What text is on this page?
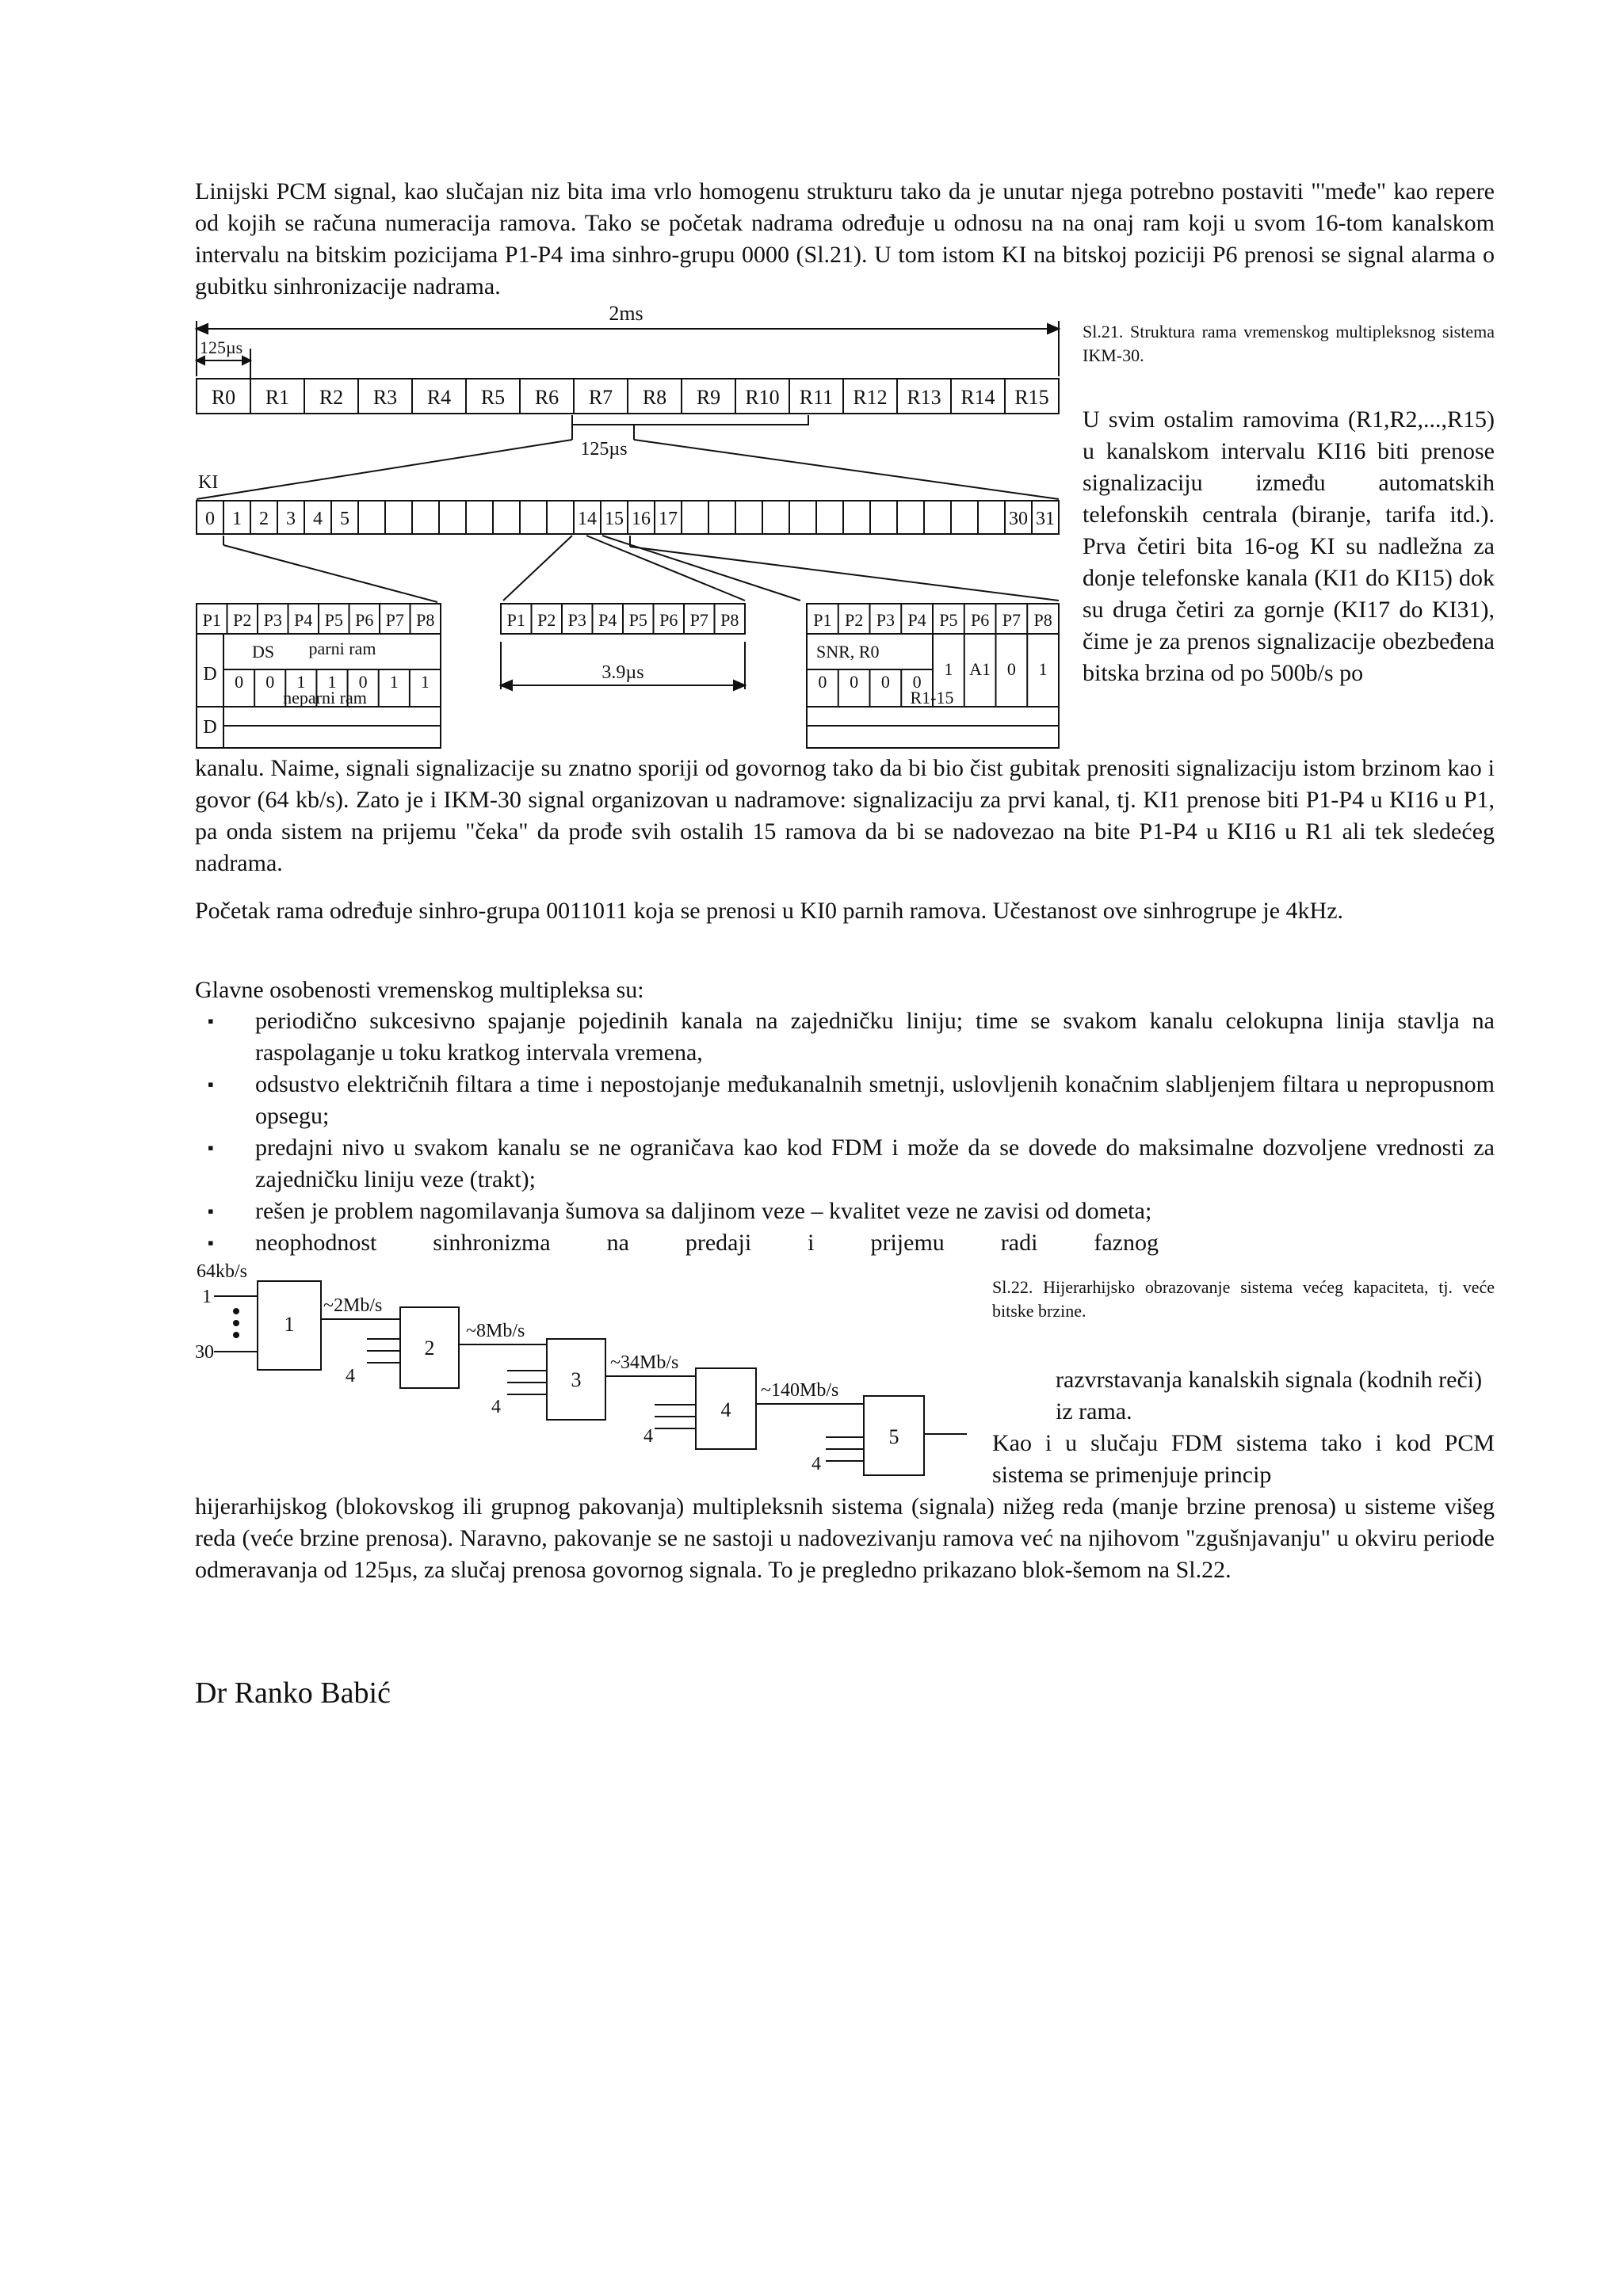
Linijski PCM signal, kao slučajan niz bita ima vrlo homogenu strukturu tako da je unutar njega potrebno postaviti "'međe" kao repere od kojih se računa numeracija ramova. Tako se početak nadrama određuje u odnosu na na onaj ram koji u svom 16-tom kanalskom intervalu na bitskim pozicijama P1-P4 ima sinhro-grupu 0000 (Sl.21). U tom istom KI na bitskoj poziciji P6 prenosi se signal alarma o gubitku sinhronizacije nadrama.

2ms
125µs
R0 R1 R2 R3 R4 R5 R6 R7 R8 R9 R10 R11 R12 R13 R14 R15
125µs
KI
0 1 2 3 4 5	14 15 16 17	30 31
P1 P2 P3 P4 P5 P6 P7 P8	P1 P2 P3 P4 P5 P6 P7 P8	P1 P2 P3 P4 P5 P6 P7 P8
D
DS parni ram
0 0 1 1 0 1 1
neparni ram
D
3.9µs
SNR, R0
0 0 0 0
1 A1 0 1
R1-15

Sl.21. Struktura rama vremenskog multipleksnog sistema IKM-30.

U svim ostalim ramovima (R1,R2,...,R15) u kanalskom intervalu KI16 biti prenose signalizaciju između automatskih telefonskih centrala (biranje, tarifa itd.). Prva četiri bita 16-og KI su nadležna za donje telefonske kanala (KI1 do KI15) dok su druga četiri za gornje (KI17 do KI31), čime je za prenos signalizacije obezbeđena bitska brzina od po 500b/s po

kanalu. Naime, signali signalizacije su znatno sporiji od govornog tako da bi bio čist gubitak prenositi signalizaciju istom brzinom kao i govor (64 kb/s). Zato je i IKM-30 signal organizovan u nadramove: signalizaciju za prvi kanal, tj. KI1 prenose biti P1-P4 u KI16 u P1, pa onda sistem na prijemu "čeka" da prođe svih ostalih 15 ramova da bi se nadovezao na bite P1-P4 u KI16 u R1 ali tek sledećeg nadrama.

Početak rama određuje sinhro-grupa 0011011 koja se prenosi u KI0 parnih ramova. Učestanost ove sinhrogrupe je 4kHz.

Glavne osobenosti vremenskog multipleksa su:

▪ periodično sukcesivno spajanje pojedinih kanala na zajedničku liniju; time se svakom kanalu celokupna linija stavlja na raspolaganje u toku kratkog intervala vremena,
▪ odsustvo električnih filtara a time i nepostojanje međukanalnih smetnji, uslovljenih konačnim slabljenjem filtara u nepropusnom opsegu;
▪ predajni nivo u svakom kanalu se ne ograničava kao kod FDM i može da se dovede do maksimalne dozvoljene vrednosti za zajedničku liniju veze (trakt);
▪ rešen je problem nagomilavanja šumova sa daljinom veze – kvalitet veze ne zavisi od dometa;
▪ neophodnost sinhronizma na predaji i prijemu radi faznog
64kb/s
1
30
1
2
3
4
5
~2Mb/s
~8Mb/s
~34Mb/s
~140Mb/s
4
4
4
4

Sl.22. Hijerarhijsko obrazovanje sistema većeg kapaciteta, tj. veće bitske brzine.

razvrstavanja kanalskih signala (kodnih reči) iz rama.

Kao i u slučaju FDM sistema tako i kod PCM sistema se primenjuje princip

hijerarhijskog (blokovskog ili grupnog pakovanja) multipleksnih sistema (signala) nižeg reda (manje brzine prenosa) u sisteme višeg reda (veće brzine prenosa). Naravno, pakovanje se ne sastoji u nadovezivanju ramova već na njihovom "zgušnjavanju" u okviru periode odmeravanja od 125µs, za slučaj prenosa govornog signala. To je pregledno prikazano blok-šemom na Sl.22.

Dr Ranko Babić
